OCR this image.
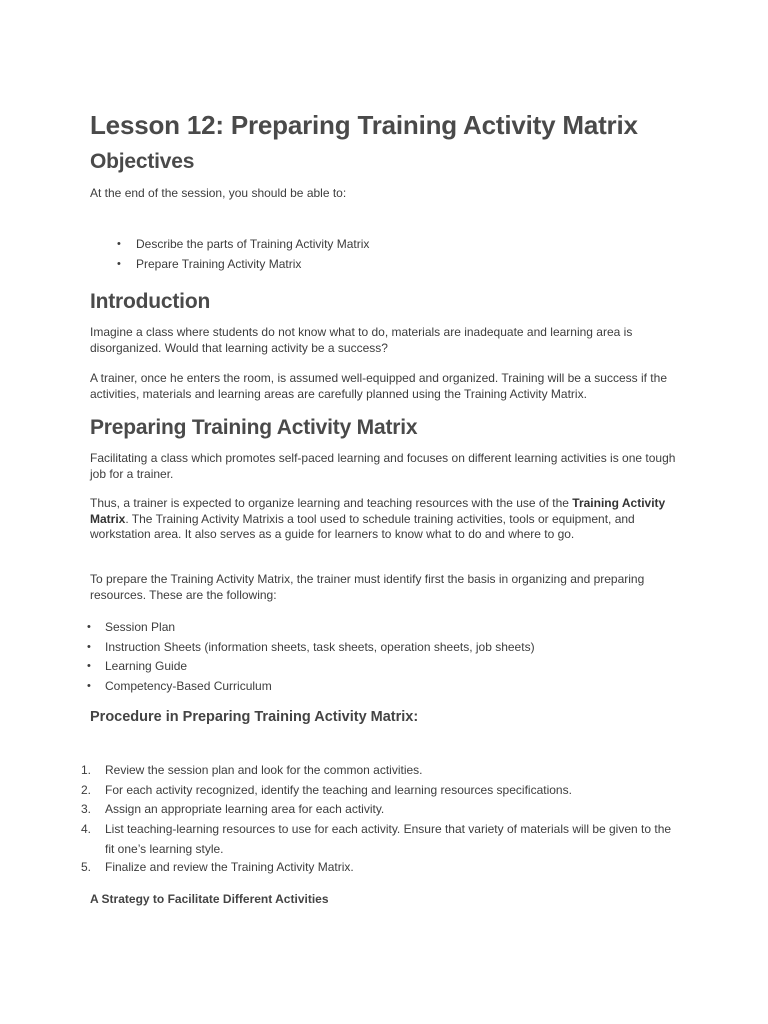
Lesson 12: Preparing Training Activity Matrix
Objectives

At the end of the session, you should be able to:

• Describe the parts of Training Activity Matrix
• Prepare Training Activity Matrix
Introduction

Imagine a class where students do not know what to do, materials are inadequate and learning area is disorganized. Would that learning activity be a success?

A trainer, once he enters the room, is assumed well-equipped and organized. Training will be a success if the activities, materials and learning areas are carefully planned using the Training Activity Matrix.

Preparing Training Activity Matrix

Facilitating a class which promotes self-paced learning and focuses on different learning activities is one tough job for a trainer.

Thus, a trainer is expected to organize learning and teaching resources with the use of the Training Activity Matrix. The Training Activity Matrixis a tool used to schedule training activities, tools or equipment, and workstation area. It also serves as a guide for learners to know what to do and where to go.

To prepare the Training Activity Matrix, the trainer must identify first the basis in organizing and preparing resources. These are the following:

• Session Plan
• Instruction Sheets (information sheets, task sheets, operation sheets, job sheets)
• Learning Guide
• Competency-Based Curriculum
Procedure in Preparing Training Activity Matrix:
1. Review the session plan and look for the common activities.
2. For each activity recognized, identify the teaching and learning resources specifications.
3. Assign an appropriate learning area for each activity.
4. List teaching-learning resources to use for each activity. Ensure that variety of materials will be given to the fit one’s learning style.
5. Finalize and review the Training Activity Matrix.
A Strategy to Facilitate Different Activities
